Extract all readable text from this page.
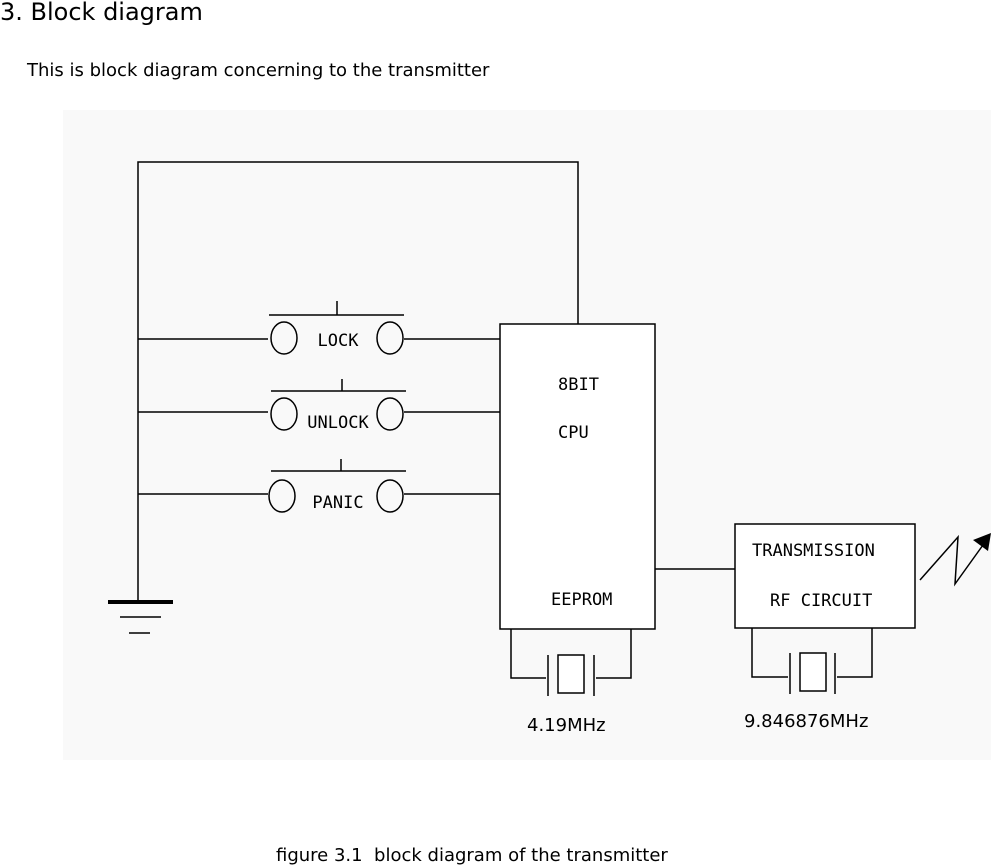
3. Block diagram

This is block diagram concerning to the transmitter

LOCK
UNLOCK
PANIC
8BIT
CPU
EEPROM
TRANSMISSION
RF CIRCUIT
4.19MHz	9.846876MHz

figure 3.1  block diagram of the transmitter
